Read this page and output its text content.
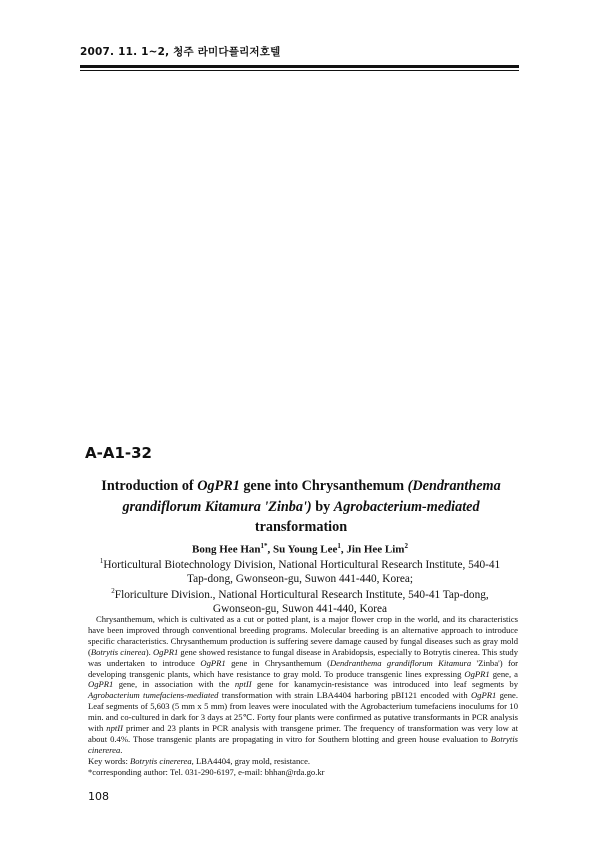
2007. 11. 1~2, 청주 라미다플리저호텔
A-A1-32
Introduction of OgPR1 gene into Chrysanthemum (Dendranthema grandiflorum Kitamura 'Zinba') by Agrobacterium-mediated transformation
Bong Hee Han$^{1*}$, Su Young Lee$^1$, Jin Hee Lim$^2$
$^1$Horticultural Biotechnology Division, National Horticultural Research Institute, 540-41
Tap-dong, Gwonseon-gu, Suwon 441-440, Korea;
$^2$Floriculture Division., National Horticultural Research Institute, 540-41 Tap-dong,
Gwonseon-gu, Suwon 441-440, Korea

Chrysanthemum, which is cultivated as a cut or potted plant, is a major flower crop in the world, and its characteristics have been improved through conventional breeding programs. Molecular breeding is an alternative approach to introduce specific characteristics. Chrysanthemum production is suffering severe damage caused by fungal diseases such as gray mold (Botrytis cinerea). OgPR1 gene showed resistance to fungal disease in Arabidopsis, especially to Botrytis cinerea. This study was undertaken to introduce OgPR1 gene in Chrysanthemum (Dendranthema grandiflorum Kitamura 'Zinba') for developing transgenic plants, which have resistance to gray mold. To produce transgenic lines expressing OgPR1 gene, a OgPR1 gene, in association with the nptII gene for kanamycin-resistance was introduced into leaf segments by Agrobacterium tumefaciens-mediated transformation with strain LBA4404 harboring pBI121 encoded with OgPR1 gene. Leaf segments of 5,603 (5 mm x 5 mm) from leaves were inoculated with the Agrobacterium tumefaciens inoculums for 10 min. and co-cultured in dark for 3 days at 25℃. Forty four plants were confirmed as putative transformants in PCR analysis with nptII primer and 23 plants in PCR analysis with transgene primer. The frequency of transformation was very low at about 0.4%. Those transgenic plants are propagating in vitro for Southern blotting and green house evaluation to Botrytis cinererea.

Key words: Botrytis cinererea, LBA4404, gray mold, resistance.
*corresponding author: Tel. 031-290-6197, e-mail: bhhan@rda.go.kr
108
